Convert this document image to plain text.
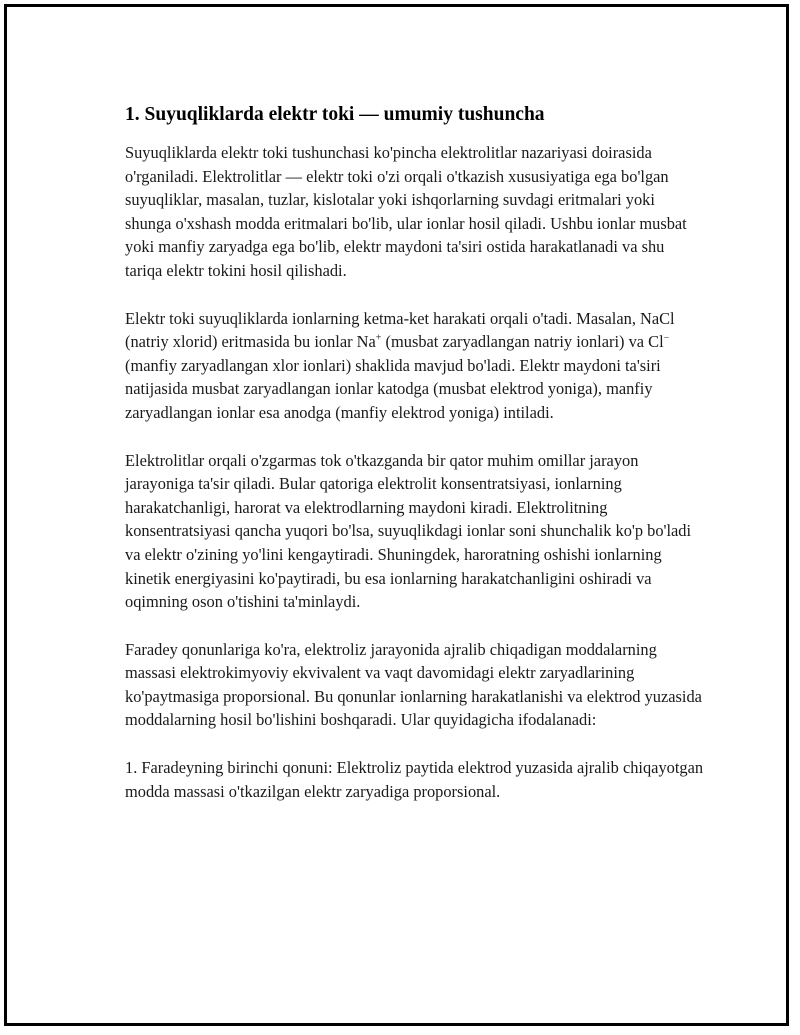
1. Suyuqliklarda elektr toki — umumiy tushuncha

Suyuqliklarda elektr toki tushunchasi ko'pincha elektrolitlar nazariyasi doirasida o'rganiladi. Elektrolitlar — elektr toki o'zi orqali o'tkazish xususiyatiga ega bo'lgan suyuqliklar, masalan, tuzlar, kislotalar yoki ishqorlarning suvdagi eritmalari yoki shunga o'xshash modda eritmalari bo'lib, ular ionlar hosil qiladi. Ushbu ionlar musbat yoki manfiy zaryadga ega bo'lib, elektr maydoni ta'siri ostida harakatlanadi va shu tariqa elektr tokini hosil qilishadi.

Elektr toki suyuqliklarda ionlarning ketma-ket harakati orqali o'tadi. Masalan, NaCl (natriy xlorid) eritmasida bu ionlar Na+ (musbat zaryadlangan natriy ionlari) va Cl− (manfiy zaryadlangan xlor ionlari) shaklida mavjud bo'ladi. Elektr maydoni ta'siri natijasida musbat zaryadlangan ionlar katodga (musbat elektrod yoniga), manfiy zaryadlangan ionlar esa anodga (manfiy elektrod yoniga) intiladi.

Elektrolitlar orqali o'zgarmas tok o'tkazganda bir qator muhim omillar jarayon jarayoniga ta'sir qiladi. Bular qatoriga elektrolit konsentratsiyasi, ionlarning harakatchanligi, harorat va elektrodlarning maydoni kiradi. Elektrolitning konsentratsiyasi qancha yuqori bo'lsa, suyuqlikdagi ionlar soni shunchalik ko'p bo'ladi va elektr o'zining yo'lini kengaytiradi. Shuningdek, haroratning oshishi ionlarning kinetik energiyasini ko'paytiradi, bu esa ionlarning harakatchanligini oshiradi va oqimning oson o'tishini ta'minlaydi.

Faradey qonunlariga ko'ra, elektroliz jarayonida ajralib chiqadigan moddalarning massasi elektrokimyoviy ekvivalent va vaqt davomidagi elektr zaryadlarining ko'paytmasiga proporsional. Bu qonunlar ionlarning harakatlanishi va elektrod yuzasida moddalarning hosil bo'lishini boshqaradi. Ular quyidagicha ifodalanadi:

1. Faradeyning birinchi qonuni: Elektroliz paytida elektrod yuzasida ajralib chiqayotgan modda massasi o'tkazilgan elektr zaryadiga proporsional.
